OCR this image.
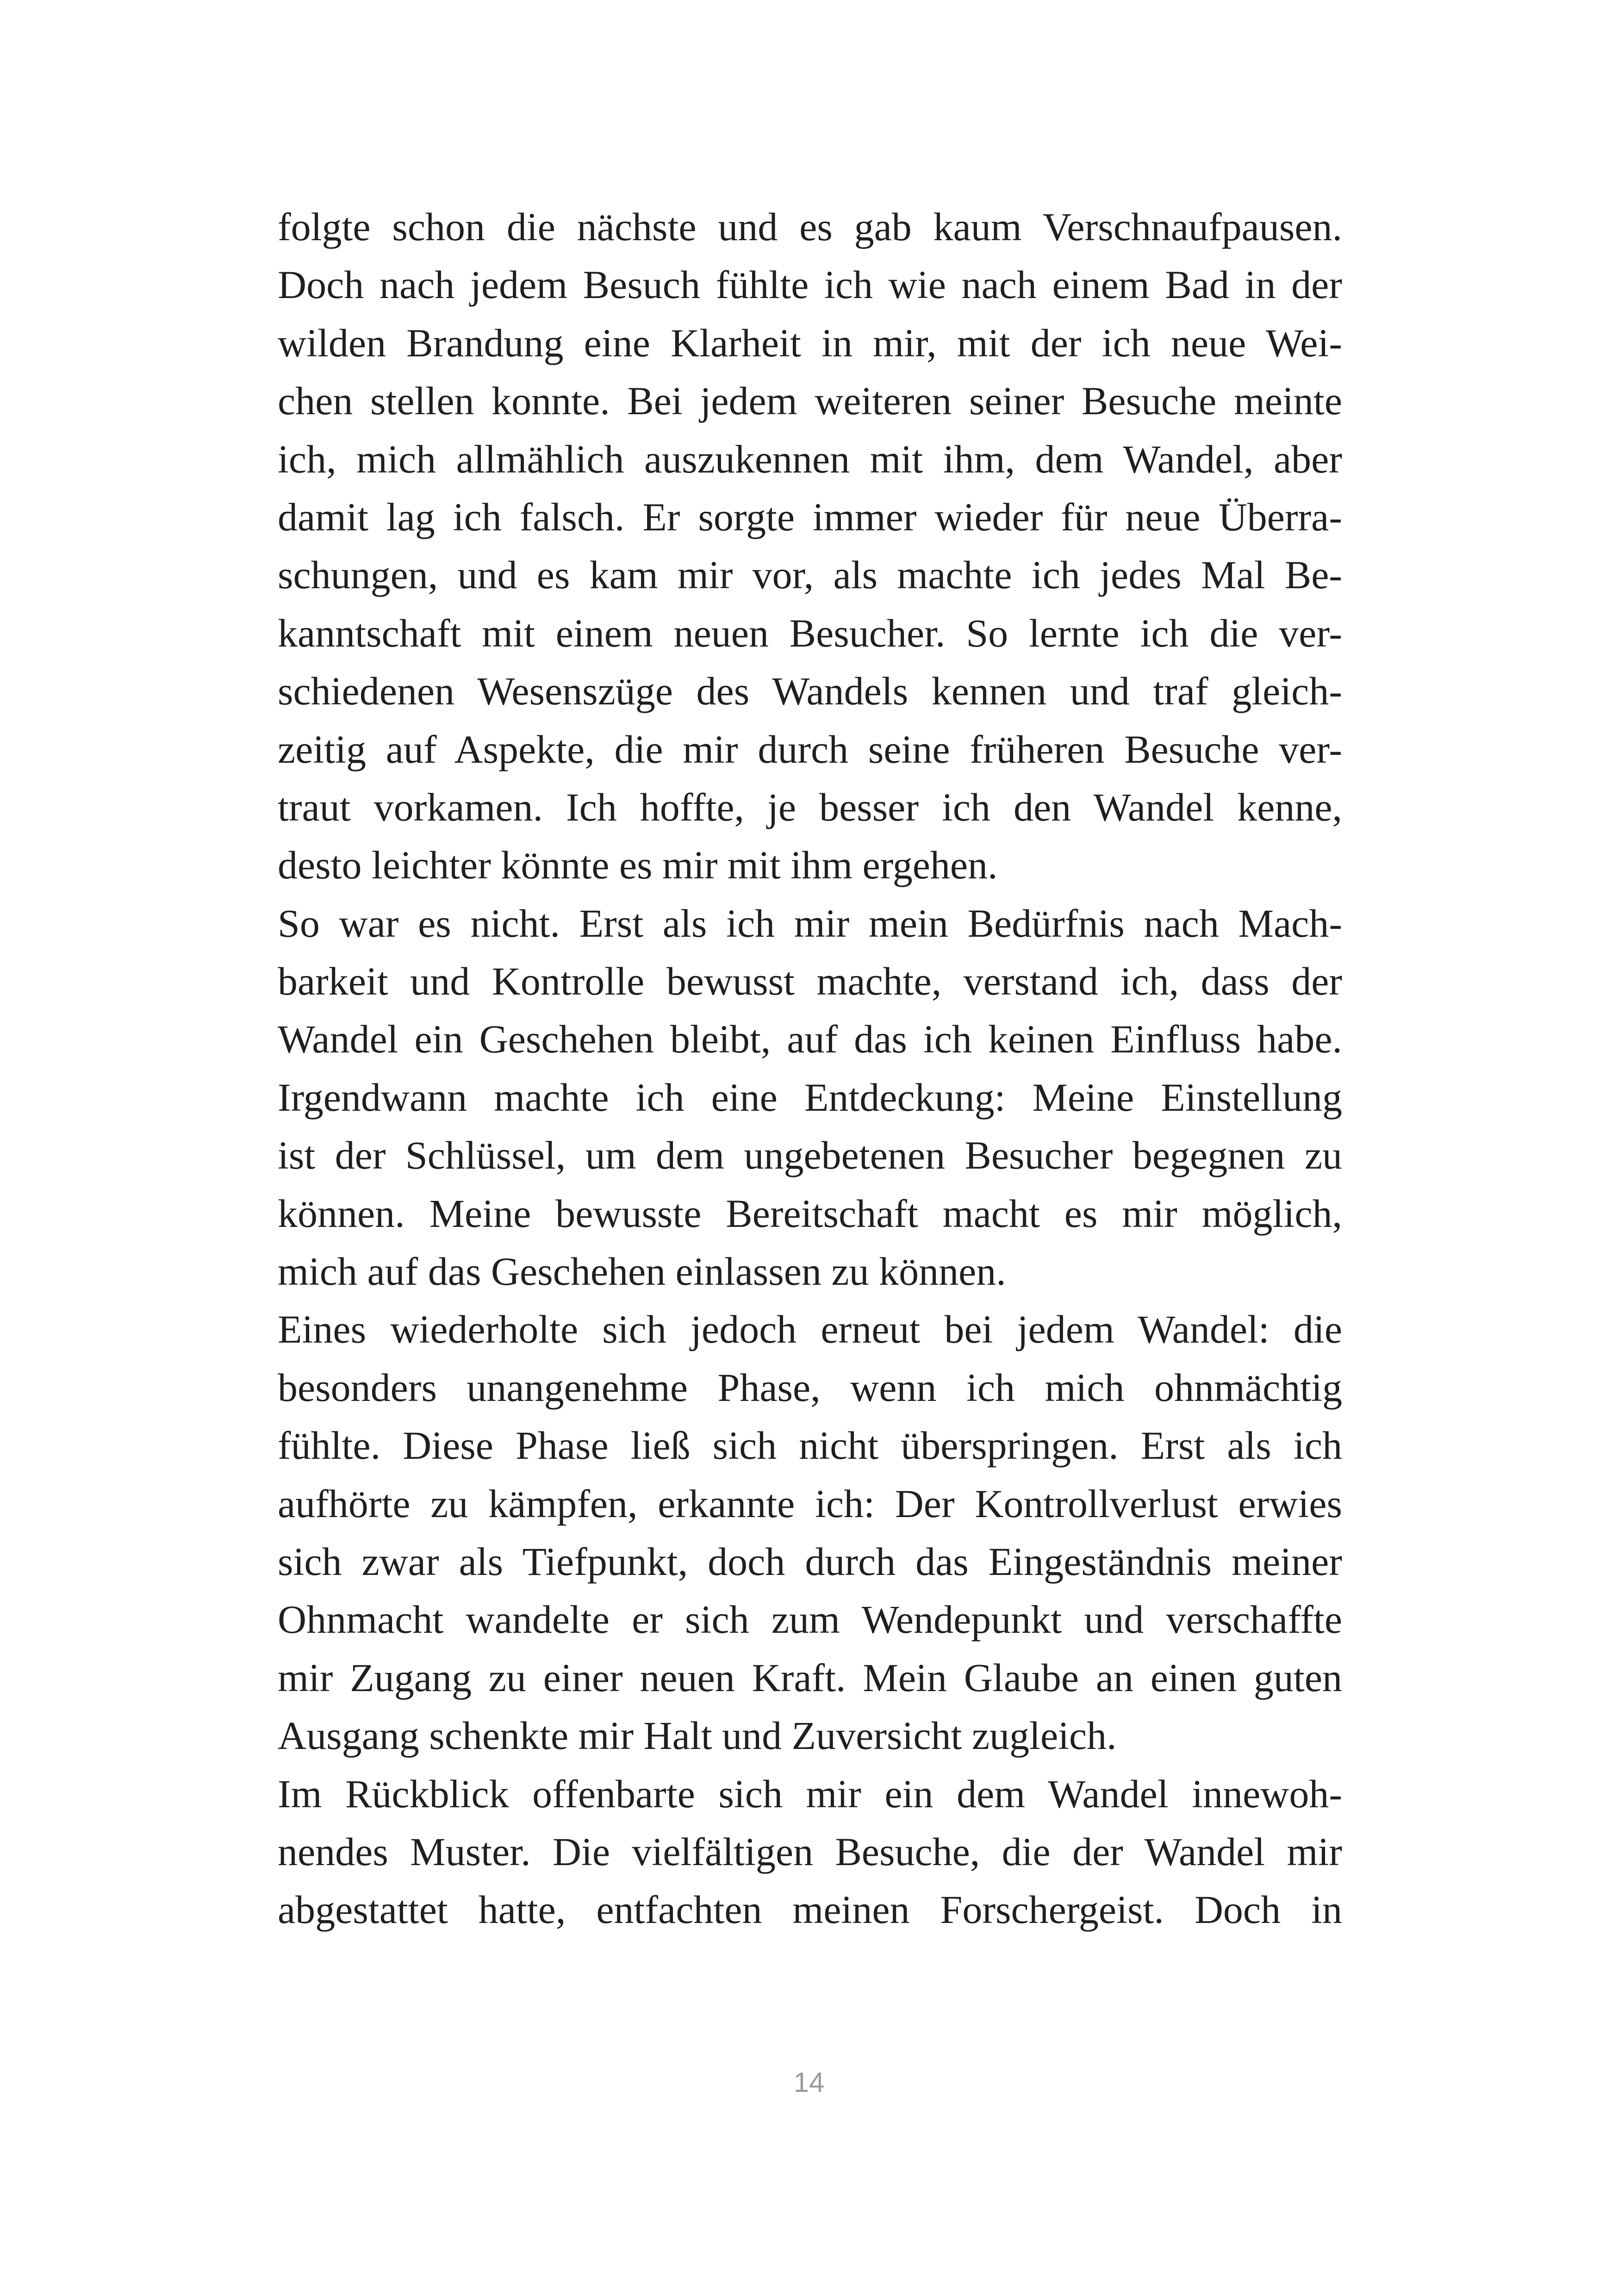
folgte schon die nächste und es gab kaum Verschnaufpausen.
Doch nach jedem Besuch fühlte ich wie nach einem Bad in der
wilden Brandung eine Klarheit in mir, mit der ich neue Wei-
chen stellen konnte. Bei jedem weiteren seiner Besuche meinte
ich, mich allmählich auszukennen mit ihm, dem Wandel, aber
damit lag ich falsch. Er sorgte immer wieder für neue Überra-
schungen, und es kam mir vor, als machte ich jedes Mal Be-
kanntschaft mit einem neuen Besucher. So lernte ich die ver-
schiedenen Wesenszüge des Wandels kennen und traf gleich-
zeitig auf Aspekte, die mir durch seine früheren Besuche ver-
traut vorkamen. Ich hoffte, je besser ich den Wandel kenne,
desto leichter könnte es mir mit ihm ergehen.
So war es nicht. Erst als ich mir mein Bedürfnis nach Mach-
barkeit und Kontrolle bewusst machte, verstand ich, dass der
Wandel ein Geschehen bleibt, auf das ich keinen Einfluss habe.
Irgendwann machte ich eine Entdeckung: Meine Einstellung
ist der Schlüssel, um dem ungebetenen Besucher begegnen zu
können. Meine bewusste Bereitschaft macht es mir möglich,
mich auf das Geschehen einlassen zu können.
Eines wiederholte sich jedoch erneut bei jedem Wandel: die
besonders unangenehme Phase, wenn ich mich ohnmächtig
fühlte. Diese Phase ließ sich nicht überspringen. Erst als ich
aufhörte zu kämpfen, erkannte ich: Der Kontrollverlust erwies
sich zwar als Tiefpunkt, doch durch das Eingeständnis meiner
Ohnmacht wandelte er sich zum Wendepunkt und verschaffte
mir Zugang zu einer neuen Kraft. Mein Glaube an einen guten
Ausgang schenkte mir Halt und Zuversicht zugleich.
Im Rückblick offenbarte sich mir ein dem Wandel innewoh-
nendes Muster. Die vielfältigen Besuche, die der Wandel mir
abgestattet hatte, entfachten meinen Forschergeist. Doch in
14
